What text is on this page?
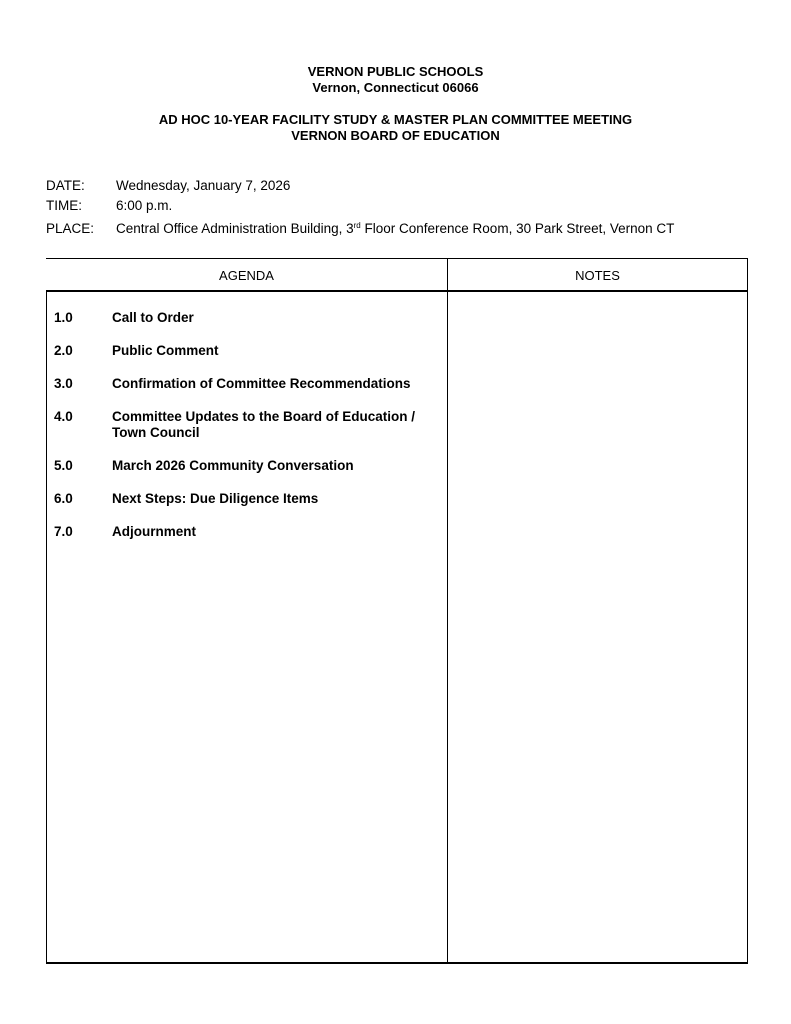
VERNON PUBLIC SCHOOLS
Vernon, Connecticut 06066
AD HOC 10-YEAR FACILITY STUDY & MASTER PLAN COMMITTEE MEETING
VERNON BOARD OF EDUCATION
DATE: Wednesday, January 7, 2026
TIME:	6:00 p.m.
PLACE: Central Office Administration Building, 3rd Floor Conference Room, 30 Park Street, Vernon CT
AGENDA	NOTES
1.0	Call to Order
2.0	Public Comment
3.0	Confirmation of Committee Recommendations
4.0	Committee Updates to the Board of Education / Town Council
5.0	March 2026 Community Conversation
6.0	Next Steps: Due Diligence Items
7.0	Adjournment
